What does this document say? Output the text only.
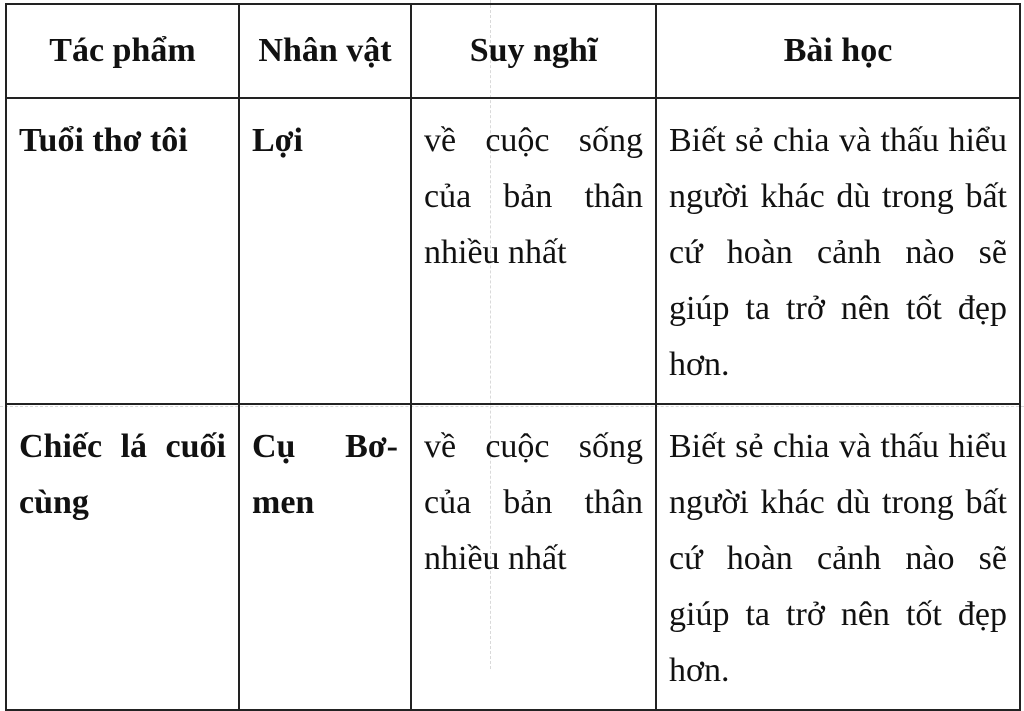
Tác phẩm	Nhân vật	Suy nghĩ	Bài học
Tuổi thơ tôi	Lợi	về cuộc sống của bản thân nhiều nhất	Biết sẻ chia và thấu hiểu người khác dù trong bất cứ hoàn cảnh nào sẽ giúp ta trở nên tốt đẹp hơn.
Chiếc lá cuối cùng	Cụ Bơ-men	về cuộc sống của bản thân nhiều nhất	Biết sẻ chia và thấu hiểu người khác dù trong bất cứ hoàn cảnh nào sẽ giúp ta trở nên tốt đẹp hơn.
